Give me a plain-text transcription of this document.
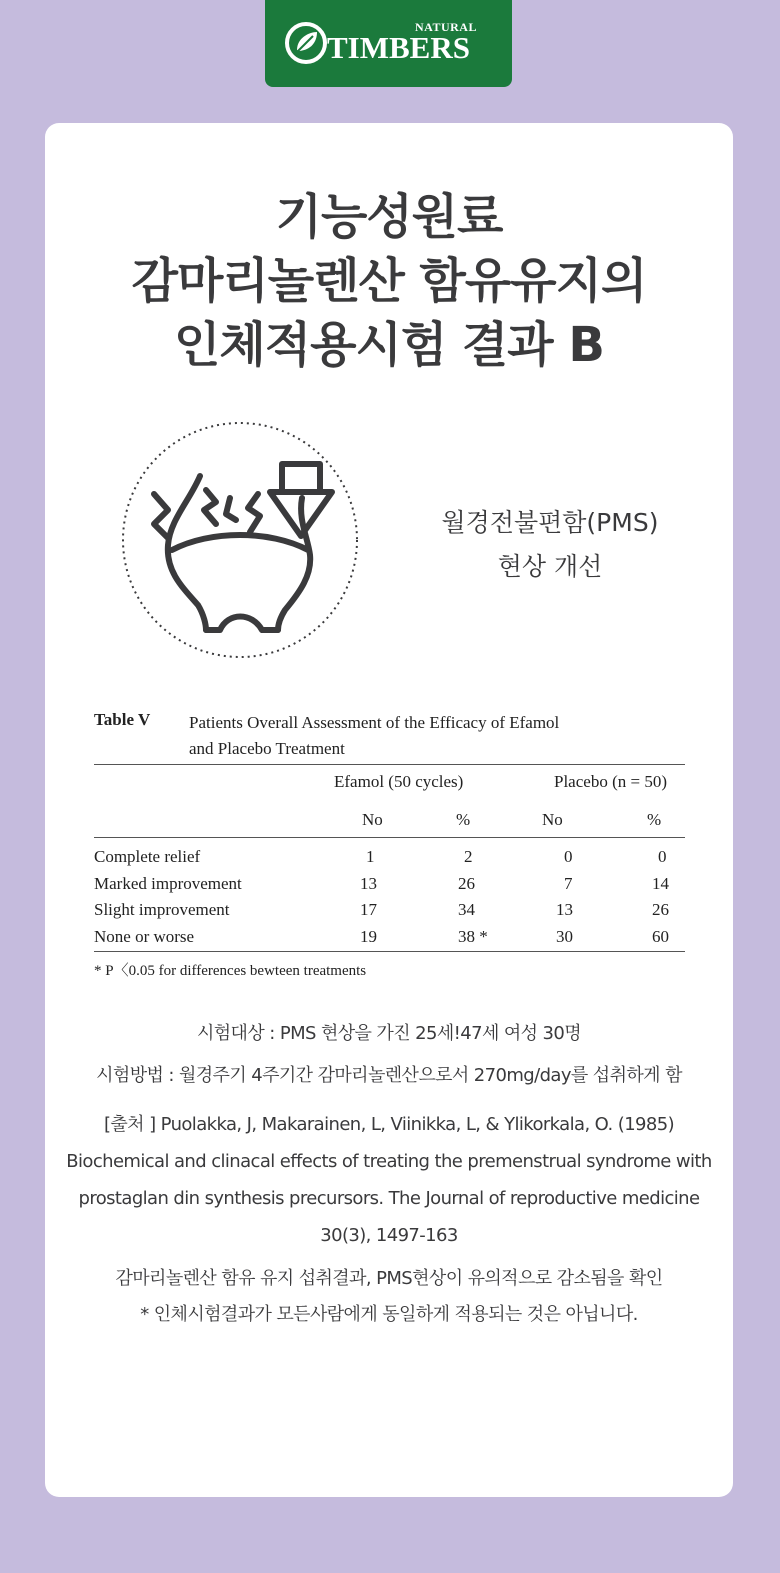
NATURAL
TIMBERS
기능성원료
감마리놀렌산 함유유지의
인체적용시험 결과 B
월경전불편함(PMS)
현상 개선
Table V Patients Overall Assessment of the Efficacy of Efamol
and Placebo Treatment
Efamol (50 cycles)	Placebo (n = 50)
No	%	No	%
Complete relief	1	2	0	0
Marked improvement	13	26	7	14
Slight improvement	17	34	13	26
None or worse	19	38 *	30	60
* P〈0.05 for differences bewteen treatments
시험대상 : PMS 현상을 가진 25세!47세 여성 30명
시험방법 : 월경주기 4주기간 감마리놀렌산으로서 270mg/day를 섭취하게 함
[출처 ] Puolakka, J, Makarainen, L, Viinikka, L, & Ylikorkala, O. (1985)
Biochemical and clinacal effects of treating the premenstrual syndrome with
prostaglan din synthesis precursors. The Journal of reproductive medicine
30(3), 1497-163
감마리놀렌산 함유 유지 섭취결과, PMS현상이 유의적으로 감소됨을 확인
* 인체시험결과가 모든사람에게 동일하게 적용되는 것은 아닙니다.
